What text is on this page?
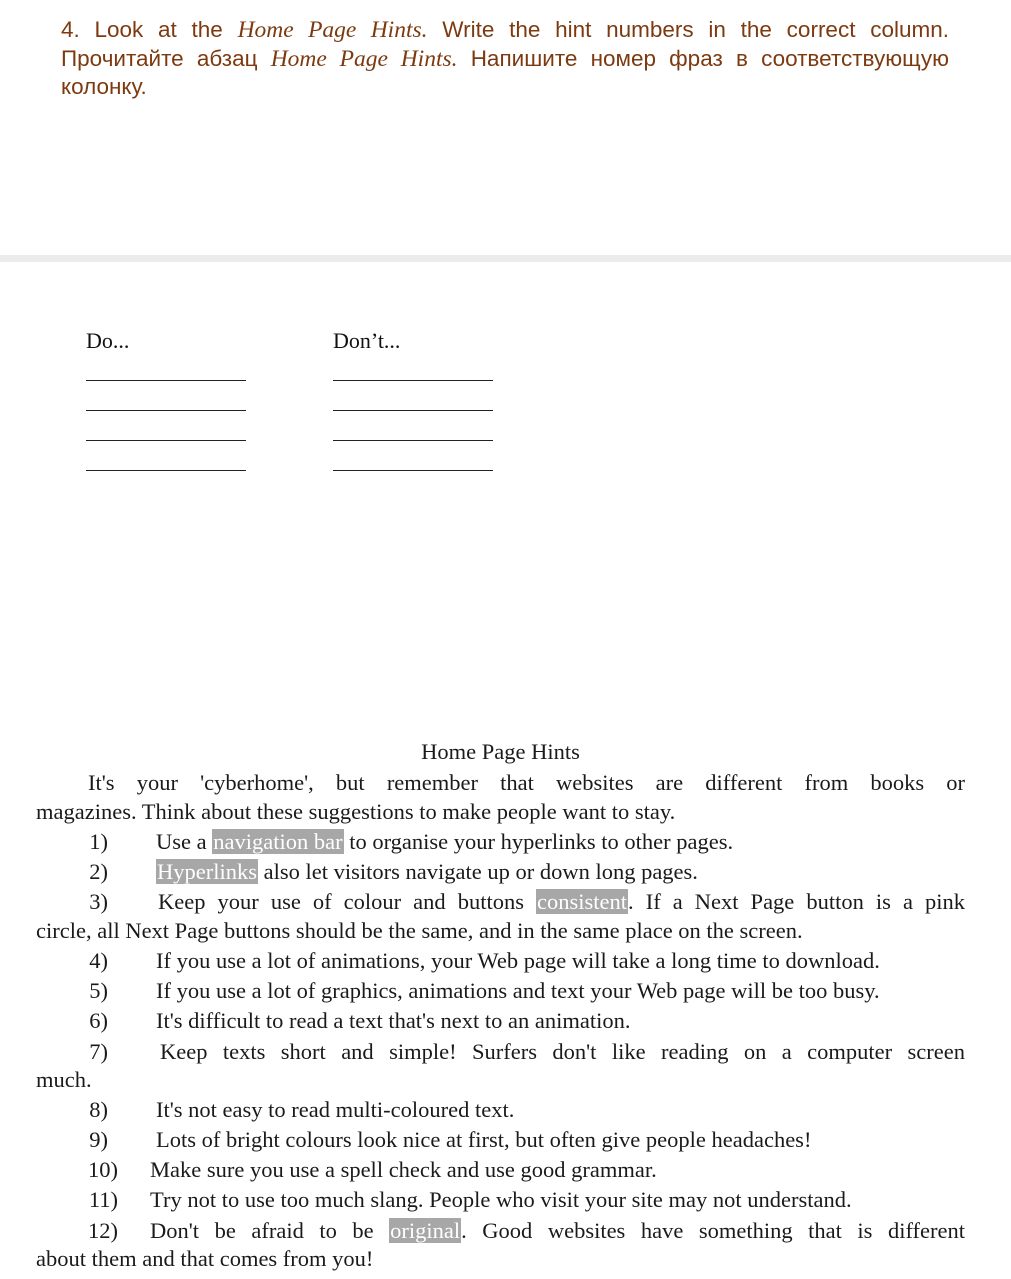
4. Look at the Home Page Hints. Write the hint numbers in the correct column.
Прочитайте абзац Home Page Hints. Напишите номер фраз в соответствующую
колонку.
Do...	Don’t...
Home Page Hints
It's your 'cyberhome', but remember that websites are different from books or
magazines. Think about these suggestions to make people want to stay.
1) Use a navigation bar to organise your hyperlinks to other pages.
2) Hyperlinks also let visitors navigate up or down long pages.
3) Keep your use of colour and buttons consistent. If a Next Page button is a pink
circle, all Next Page buttons should be the same, and in the same place on the screen.
4) If you use a lot of animations, your Web page will take a long time to download.
5) If you use a lot of graphics, animations and text your Web page will be too busy.
6) It's difficult to read a text that's next to an animation.
7) Keep texts short and simple! Surfers don't like reading on a computer screen
much.
8) It's not easy to read multi-coloured text.
9) Lots of bright colours look nice at first, but often give people headaches!
10) Make sure you use a spell check and use good grammar.
11) Try not to use too much slang. People who visit your site may not understand.
12) Don't be afraid to be original. Good websites have something that is different
about them and that comes from you!
